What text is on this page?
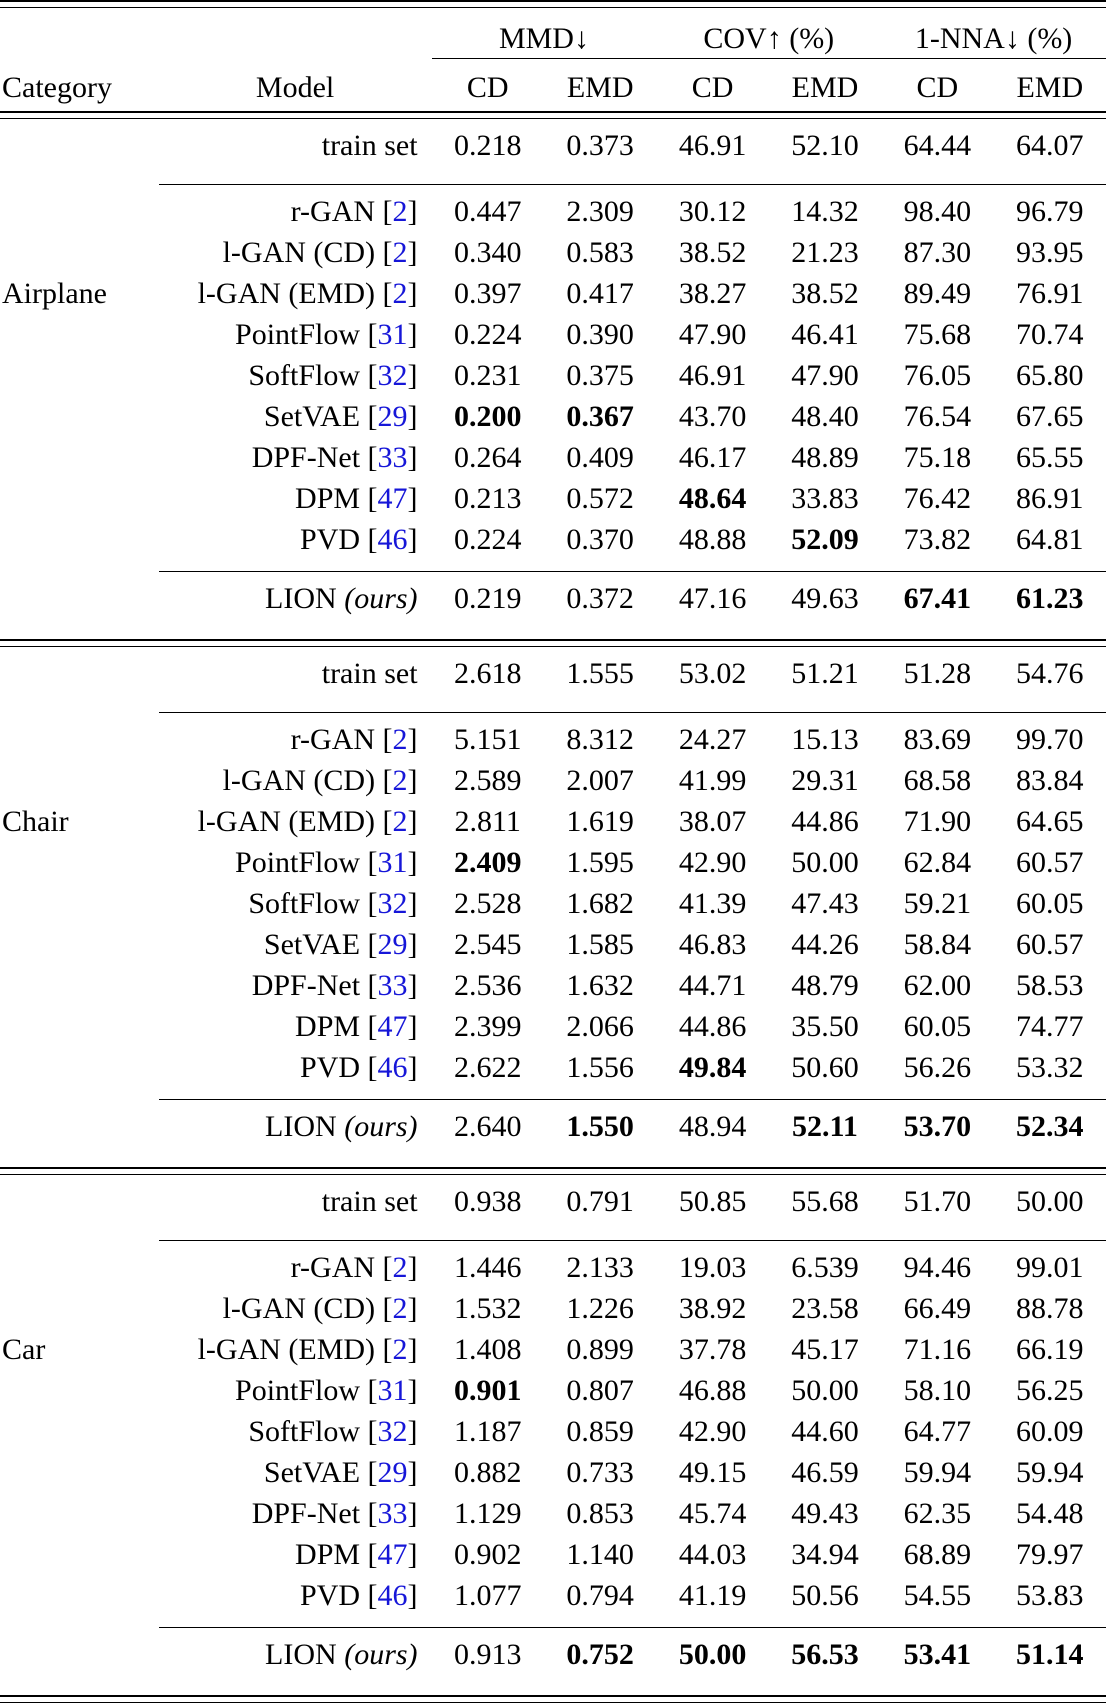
		MMD↓		COV↑ (%)		1-NNA↓ (%)	

Category	Model	CD	EMD	CD	EMD	CD	EMD

	train set	0.218	0.373	46.91	52.10	64.44	64.07

	r-GAN [2]	0.447	2.309	30.12	14.32	98.40	96.79
	l-GAN (CD) [2]	0.340	0.583	38.52	21.23	87.30	93.95
Airplane	l-GAN (EMD) [2]	0.397	0.417	38.27	38.52	89.49	76.91
	PointFlow [31]	0.224	0.390	47.90	46.41	75.68	70.74
	SoftFlow [32]	0.231	0.375	46.91	47.90	76.05	65.80
	SetVAE [29]	0.200	0.367	43.70	48.40	76.54	67.65
	DPF-Net [33]	0.264	0.409	46.17	48.89	75.18	65.55
	DPM [47]	0.213	0.572	48.64	33.83	76.42	86.91
	PVD [46]	0.224	0.370	48.88	52.09	73.82	64.81

	LION (ours)	0.219	0.372	47.16	49.63	67.41	61.23

	train set	2.618	1.555	53.02	51.21	51.28	54.76

	r-GAN [2]	5.151	8.312	24.27	15.13	83.69	99.70
	l-GAN (CD) [2]	2.589	2.007	41.99	29.31	68.58	83.84
Chair	l-GAN (EMD) [2]	2.811	1.619	38.07	44.86	71.90	64.65
	PointFlow [31]	2.409	1.595	42.90	50.00	62.84	60.57
	SoftFlow [32]	2.528	1.682	41.39	47.43	59.21	60.05
	SetVAE [29]	2.545	1.585	46.83	44.26	58.84	60.57
	DPF-Net [33]	2.536	1.632	44.71	48.79	62.00	58.53
	DPM [47]	2.399	2.066	44.86	35.50	60.05	74.77
	PVD [46]	2.622	1.556	49.84	50.60	56.26	53.32

	LION (ours)	2.640	1.550	48.94	52.11	53.70	52.34

	train set	0.938	0.791	50.85	55.68	51.70	50.00

	r-GAN [2]	1.446	2.133	19.03	6.539	94.46	99.01
	l-GAN (CD) [2]	1.532	1.226	38.92	23.58	66.49	88.78
Car	l-GAN (EMD) [2]	1.408	0.899	37.78	45.17	71.16	66.19
	PointFlow [31]	0.901	0.807	46.88	50.00	58.10	56.25
	SoftFlow [32]	1.187	0.859	42.90	44.60	64.77	60.09
	SetVAE [29]	0.882	0.733	49.15	46.59	59.94	59.94
	DPF-Net [33]	1.129	0.853	45.74	49.43	62.35	54.48
	DPM [47]	0.902	1.140	44.03	34.94	68.89	79.97
	PVD [46]	1.077	0.794	41.19	50.56	54.55	53.83

	LION (ours)	0.913	0.752	50.00	56.53	53.41	51.14
